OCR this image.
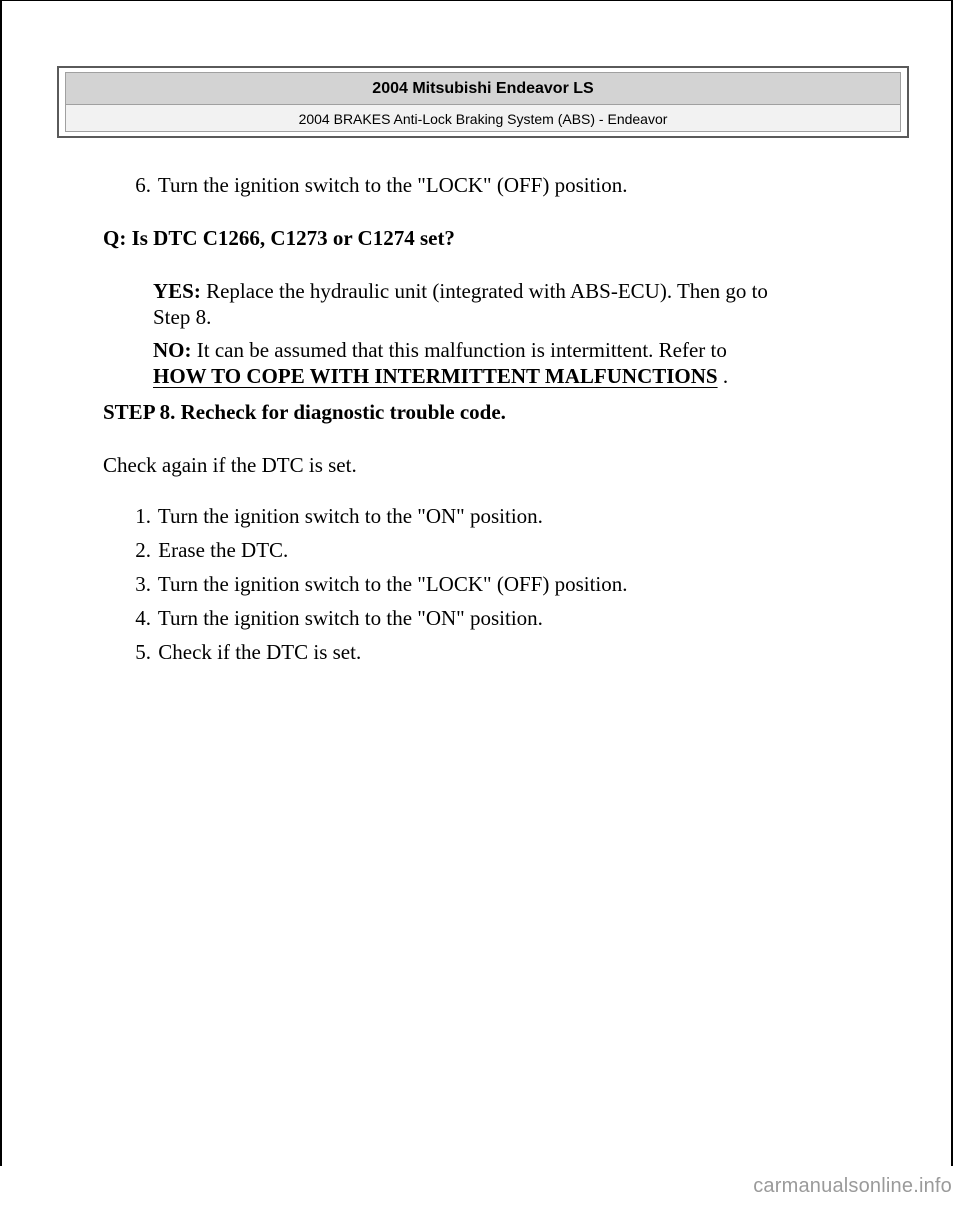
2004 Mitsubishi Endeavor LS
2004 BRAKES Anti-Lock Braking System (ABS) - Endeavor
6. Turn the ignition switch to the "LOCK" (OFF) position.
Q: Is DTC C1266, C1273 or C1274 set?
YES: Replace the hydraulic unit (integrated with ABS-ECU). Then go to
Step 8.
NO: It can be assumed that this malfunction is intermittent. Refer to
HOW TO COPE WITH INTERMITTENT MALFUNCTIONS .
STEP 8. Recheck for diagnostic trouble code.
Check again if the DTC is set.
1. Turn the ignition switch to the "ON" position.
2. Erase the DTC.
3. Turn the ignition switch to the "LOCK" (OFF) position.
4. Turn the ignition switch to the "ON" position.
5. Check if the DTC is set.
carmanualsonline.info
